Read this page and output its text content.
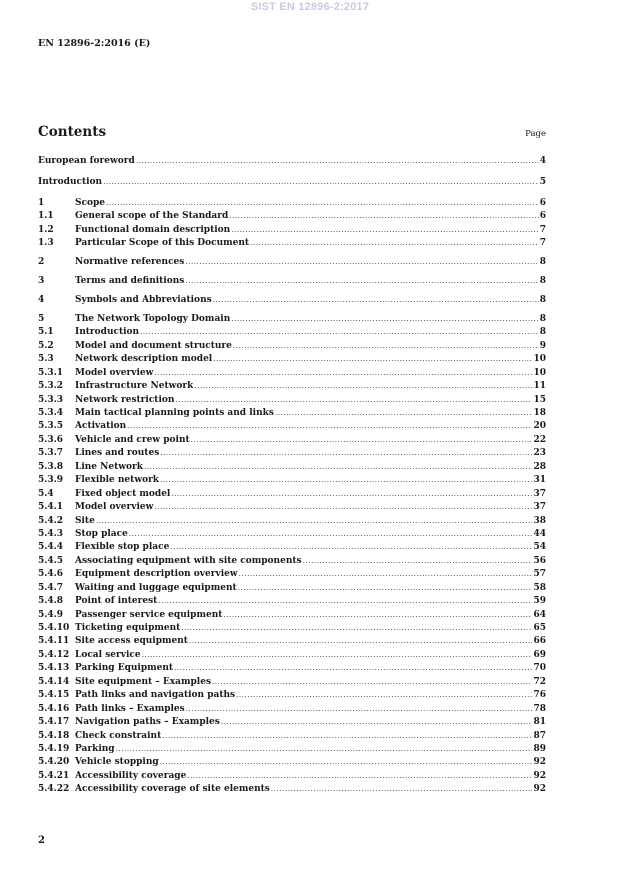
SIST EN 12896-2:2017
EN 12896-2:2016 (E)
Contents	Page
European foreword .....	4
Introduction .....	5
1	Scope .....	6
1.1	General scope of the Standard .....	6
1.2	Functional domain description .....	7
1.3	Particular Scope of this Document .....	7
2	Normative references .....	8
3	Terms and definitions .....	8
4	Symbols and Abbreviations .....	8
5	The Network Topology Domain .....	8
5.1	Introduction .....	8
5.2	Model and document structure .....	9
5.3	Network description model .....	10
5.3.1	Model overview .....	10
5.3.2	Infrastructure Network .....	11
5.3.3	Network restriction .....	15
5.3.4	Main tactical planning points and links .....	18
5.3.5	Activation .....	20
5.3.6	Vehicle and crew point .....	22
5.3.7	Lines and routes .....	23
5.3.8	Line Network .....	28
5.3.9	Flexible network .....	31
5.4	Fixed object model .....	37
5.4.1	Model overview .....	37
5.4.2	Site .....	38
5.4.3	Stop place .....	44
5.4.4	Flexible stop place .....	54
5.4.5	Associating equipment with site components .....	56
5.4.6	Equipment description overview .....	57
5.4.7	Waiting and luggage equipment .....	58
5.4.8	Point of interest .....	59
5.4.9	Passenger service equipment .....	64
5.4.10 Ticketing equipment .....	65
5.4.11 Site access equipment .....	66
5.4.12 Local service .....	69
5.4.13 Parking Equipment .....	70
5.4.14 Site equipment – Examples .....	72
5.4.15 Path links and navigation paths .....	76
5.4.16 Path links – Examples .....	78
5.4.17 Navigation paths – Examples .....	81
5.4.18 Check constraint .....	87
5.4.19 Parking .....	89
5.4.20 Vehicle stopping .....	92
5.4.21 Accessibility coverage .....	92
5.4.22 Accessibility coverage of site elements .....	92
2
